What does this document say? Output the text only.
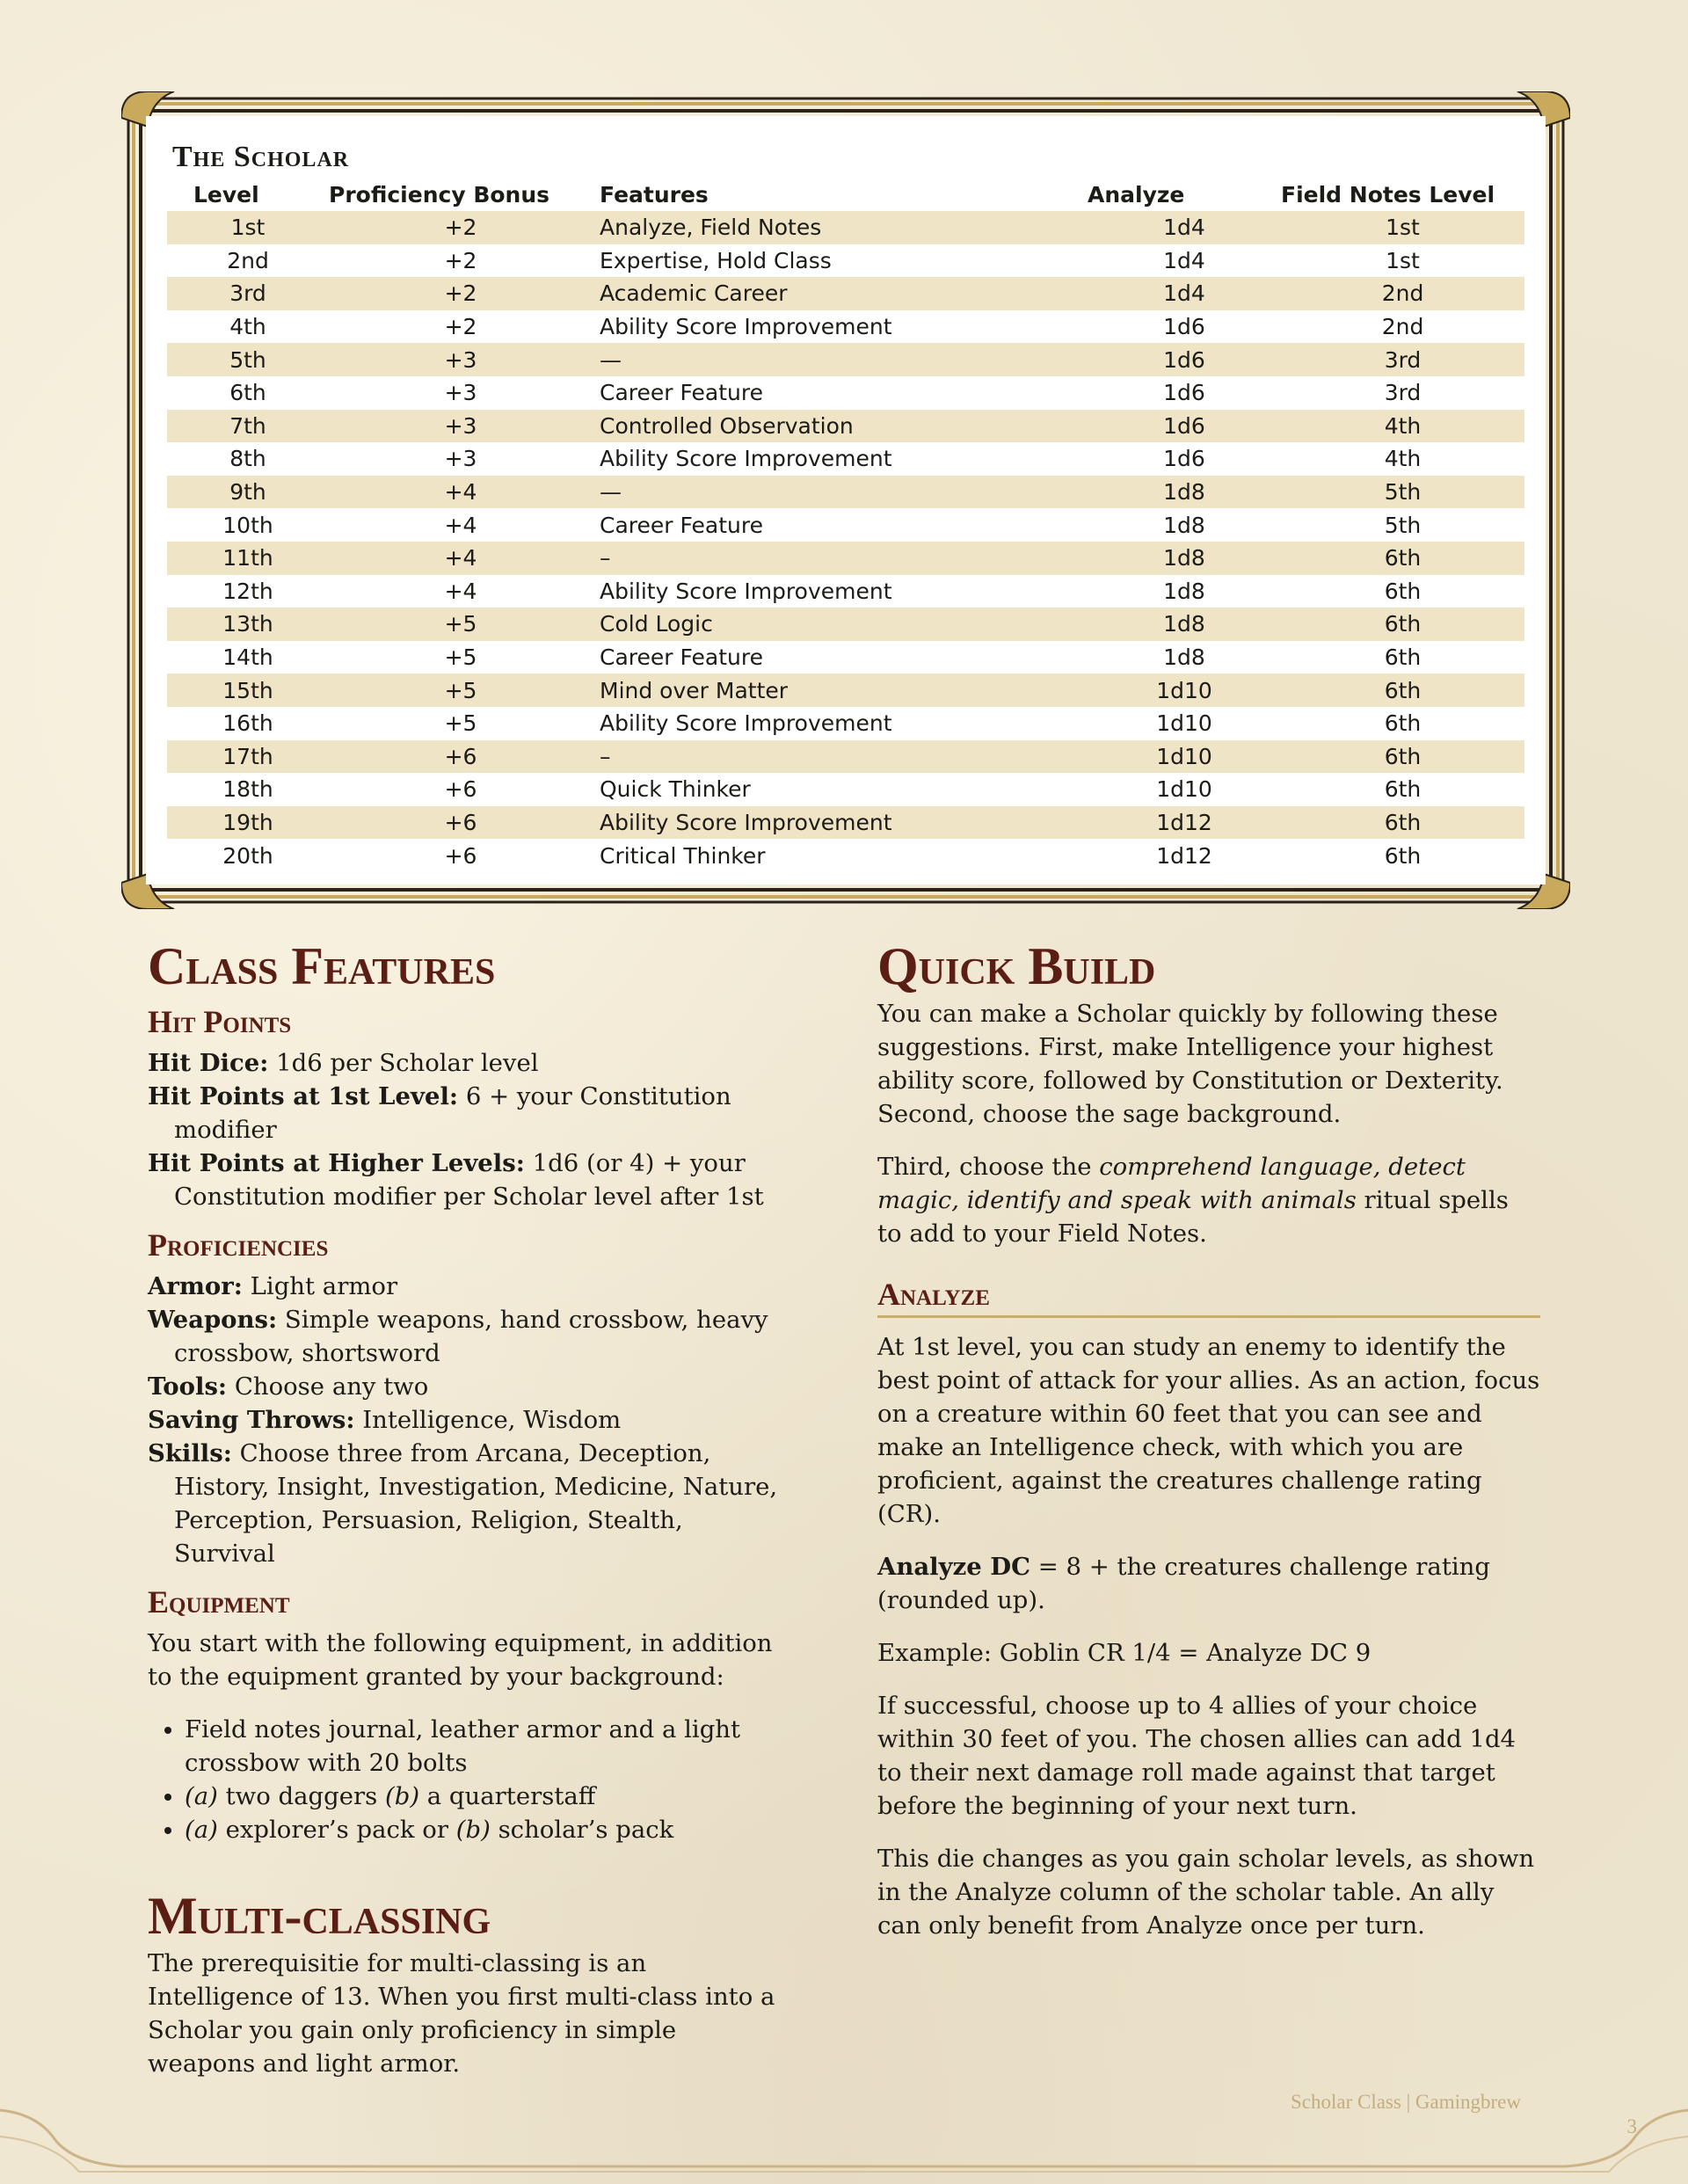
The Scholar
Level	Proficiency Bonus	Features	Analyze	Field Notes Level
1st	+2	Analyze, Field Notes	1d4	1st
2nd	+2	Expertise, Hold Class	1d4	1st
3rd	+2	Academic Career	1d4	2nd
4th	+2	Ability Score Improvement	1d6	2nd
5th	+3	—	1d6	3rd
6th	+3	Career Feature	1d6	3rd
7th	+3	Controlled Observation	1d6	4th
8th	+3	Ability Score Improvement	1d6	4th
9th	+4	—	1d8	5th
10th	+4	Career Feature	1d8	5th
11th	+4	–	1d8	6th
12th	+4	Ability Score Improvement	1d8	6th
13th	+5	Cold Logic	1d8	6th
14th	+5	Career Feature	1d8	6th
15th	+5	Mind over Matter	1d10	6th
16th	+5	Ability Score Improvement	1d10	6th
17th	+6	–	1d10	6th
18th	+6	Quick Thinker	1d10	6th
19th	+6	Ability Score Improvement	1d12	6th
20th	+6	Critical Thinker	1d12	6th
Class Features
Hit Points

Hit Dice: 1d6 per Scholar level

Hit Points at 1st Level: 6 + your Constitution modifier

Hit Points at Higher Levels: 1d6 (or 4) + your Constitution modifier per Scholar level after 1st

Proficiencies

Armor: Light armor

Weapons: Simple weapons, hand crossbow, heavy crossbow, shortsword

Tools: Choose any two

Saving Throws: Intelligence, Wisdom

Skills: Choose three from Arcana, Deception, History, Insight, Investigation, Medicine, Nature, Perception, Persuasion, Religion, Stealth, Survival

Equipment

You start with the following equipment, in addition to the equipment granted by your background:

• Field notes journal, leather armor and a light crossbow with 20 bolts
• (a) two daggers (b) a quarterstaff
• (a) explorer’s pack or (b) scholar’s pack
Multi-classing

The prerequisitie for multi-classing is an Intelligence of 13. When you first multi-class into a Scholar you gain only proficiency in simple weapons and light armor.

Quick Build

You can make a Scholar quickly by following these suggestions. First, make Intelligence your highest ability score, followed by Constitution or Dexterity. Second, choose the sage background.

Third, choose the comprehend language, detect magic, identify and speak with animals ritual spells to add to your Field Notes.

Analyze

At 1st level, you can study an enemy to identify the best point of attack for your allies. As an action, focus on a creature within 60 feet that you can see and make an Intelligence check, with which you are proficient, against the creatures challenge rating (CR).

Analyze DC = 8 + the creatures challenge rating (rounded up).

Example: Goblin CR 1/4 = Analyze DC 9

If successful, choose up to 4 allies of your choice within 30 feet of you. The chosen allies can add 1d4 to their next damage roll made against that target before the beginning of your next turn.

This die changes as you gain scholar levels, as shown in the Analyze column of the scholar table. An ally can only benefit from Analyze once per turn.

Scholar Class | Gamingbrew
3
